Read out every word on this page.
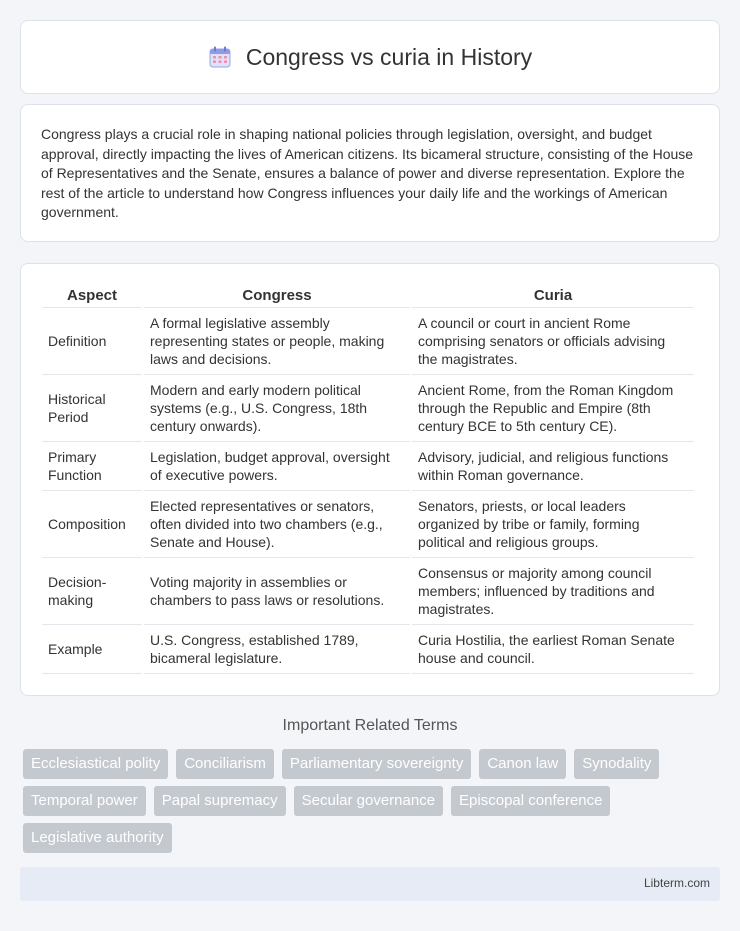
Congress vs curia in History

Congress plays a crucial role in shaping national policies through legislation, oversight, and budget approval, directly impacting the lives of American citizens. Its bicameral structure, consisting of the House of Representatives and the Senate, ensures a balance of power and diverse representation. Explore the rest of the article to understand how Congress influences your daily life and the workings of American government.

Aspect	Congress	Curia
Definition	A formal legislative assembly representing states or people, making laws and decisions.	A council or court in ancient Rome comprising senators or officials advising the magistrates.
Historical Period	Modern and early modern political systems (e.g., U.S. Congress, 18th century onwards).	Ancient Rome, from the Roman Kingdom through the Republic and Empire (8th century BCE to 5th century CE).
Primary Function	Legislation, budget approval, oversight of executive powers.	Advisory, judicial, and religious functions within Roman governance.
Composition	Elected representatives or senators, often divided into two chambers (e.g., Senate and House).	Senators, priests, or local leaders organized by tribe or family, forming political and religious groups.
Decision-making	Voting majority in assemblies or chambers to pass laws or resolutions.	Consensus or majority among council members; influenced by traditions and magistrates.
Example	U.S. Congress, established 1789, bicameral legislature.	Curia Hostilia, the earliest Roman Senate house and council.
Important Related Terms
Ecclesiastical polity	Conciliarism	Parliamentary sovereignty	Canon law	Synodality
Temporal power	Papal supremacy	Secular governance	Episcopal conference
Legislative authority
Libterm.com
